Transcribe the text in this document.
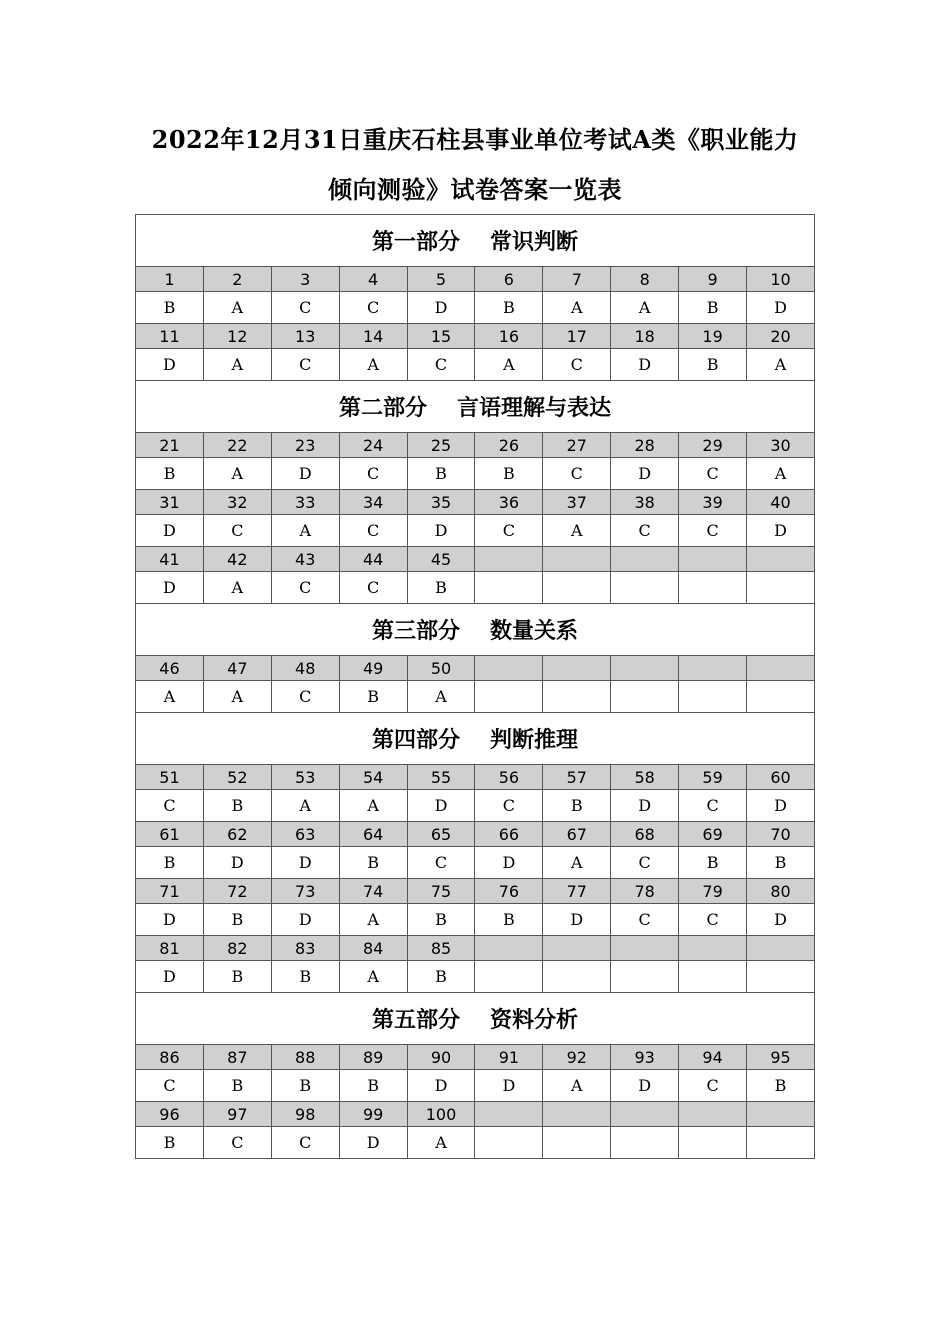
2022年12月31日重庆石柱县事业单位考试A类《职业能力
倾向测验》试卷答案一览表
第一部分 常识判断									
1	2	3	4	5	6	7	8	9	10
B	A	C	C	D	B	A	A	B	D
11	12	13	14	15	16	17	18	19	20
D	A	C	A	C	A	C	D	B	A
第二部分 言语理解与表达									
21	22	23	24	25	26	27	28	29	30
B	A	D	C	B	B	C	D	C	A
31	32	33	34	35	36	37	38	39	40
D	C	A	C	D	C	A	C	C	D
41	42	43	44	45					
D	A	C	C	B					
第三部分 数量关系									
46	47	48	49	50					
A	A	C	B	A					
第四部分 判断推理									
51	52	53	54	55	56	57	58	59	60
C	B	A	A	D	C	B	D	C	D
61	62	63	64	65	66	67	68	69	70
B	D	D	B	C	D	A	C	B	B
71	72	73	74	75	76	77	78	79	80
D	B	D	A	B	B	D	C	C	D
81	82	83	84	85					
D	B	B	A	B					
第五部分 资料分析									
86	87	88	89	90	91	92	93	94	95
C	B	B	B	D	D	A	D	C	B
96	97	98	99	100					
B	C	C	D	A					
